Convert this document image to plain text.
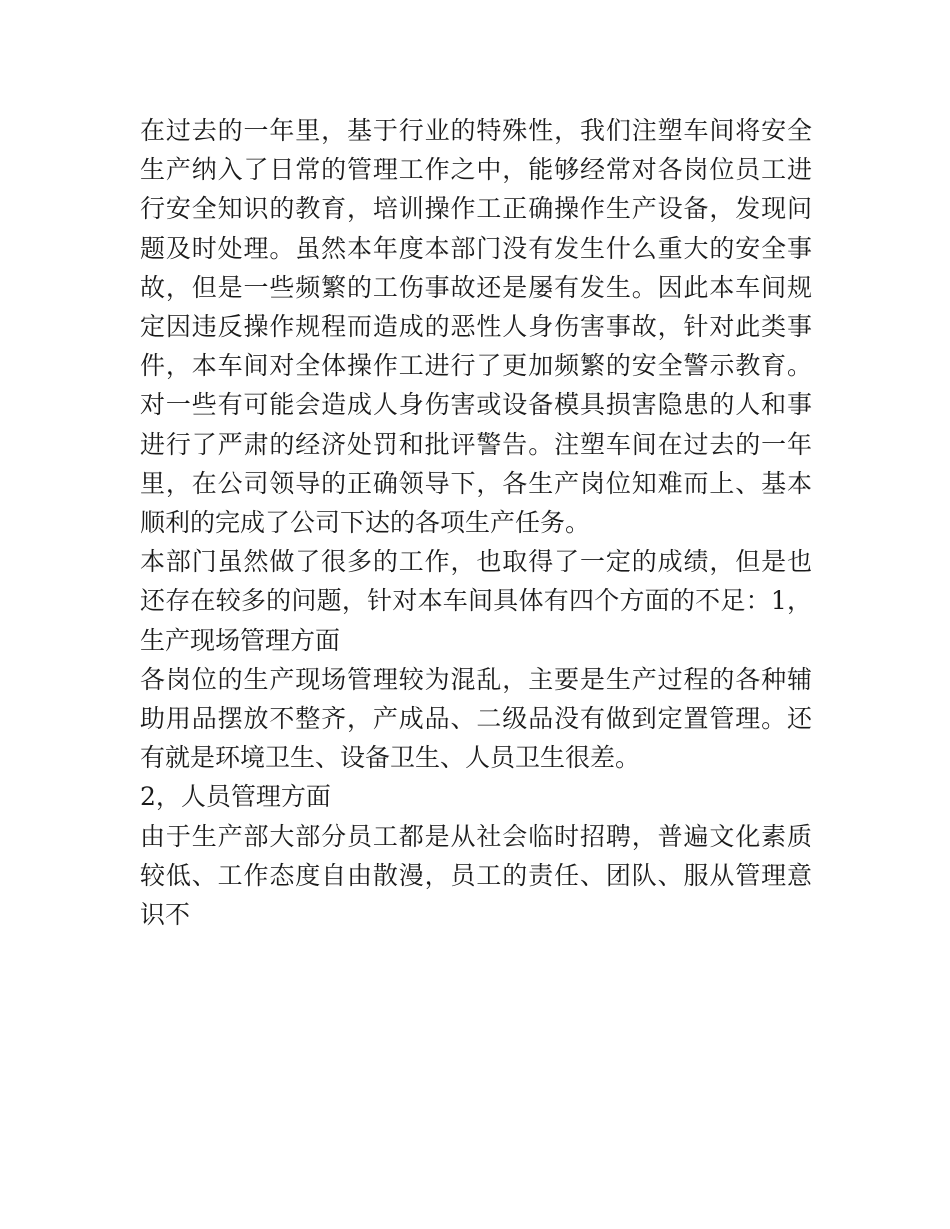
在过去的一年里，基于行业的特殊性，我们注塑车间将安全生产纳入了日常的管理工作之中，能够经常对各岗位员工进行安全知识的教育，培训操作工正确操作生产设备，发现问题及时处理。虽然本年度本部门没有发生什么重大的安全事故，但是一些频繁的工伤事故还是屡有发生。因此本车间规定因违反操作规程而造成的恶性人身伤害事故，针对此类事件，本车间对全体操作工进行了更加频繁的安全警示教育。对一些有可能会造成人身伤害或设备模具损害隐患的人和事进行了严肃的经济处罚和批评警告。注塑车间在过去的一年里，在公司领导的正确领导下，各生产岗位知难而上、基本顺利的完成了公司下达的各项生产任务。

本部门虽然做了很多的工作，也取得了一定的成绩，但是也还存在较多的问题，针对本车间具体有四个方面的不足：1，生产现场管理方面

各岗位的生产现场管理较为混乱，主要是生产过程的各种辅助用品摆放不整齐，产成品、二级品没有做到定置管理。还有就是环境卫生、设备卫生、人员卫生很差。

2，人员管理方面

由于生产部大部分员工都是从社会临时招聘，普遍文化素质较低、工作态度自由散漫，员工的责任、团队、服从管理意识不
